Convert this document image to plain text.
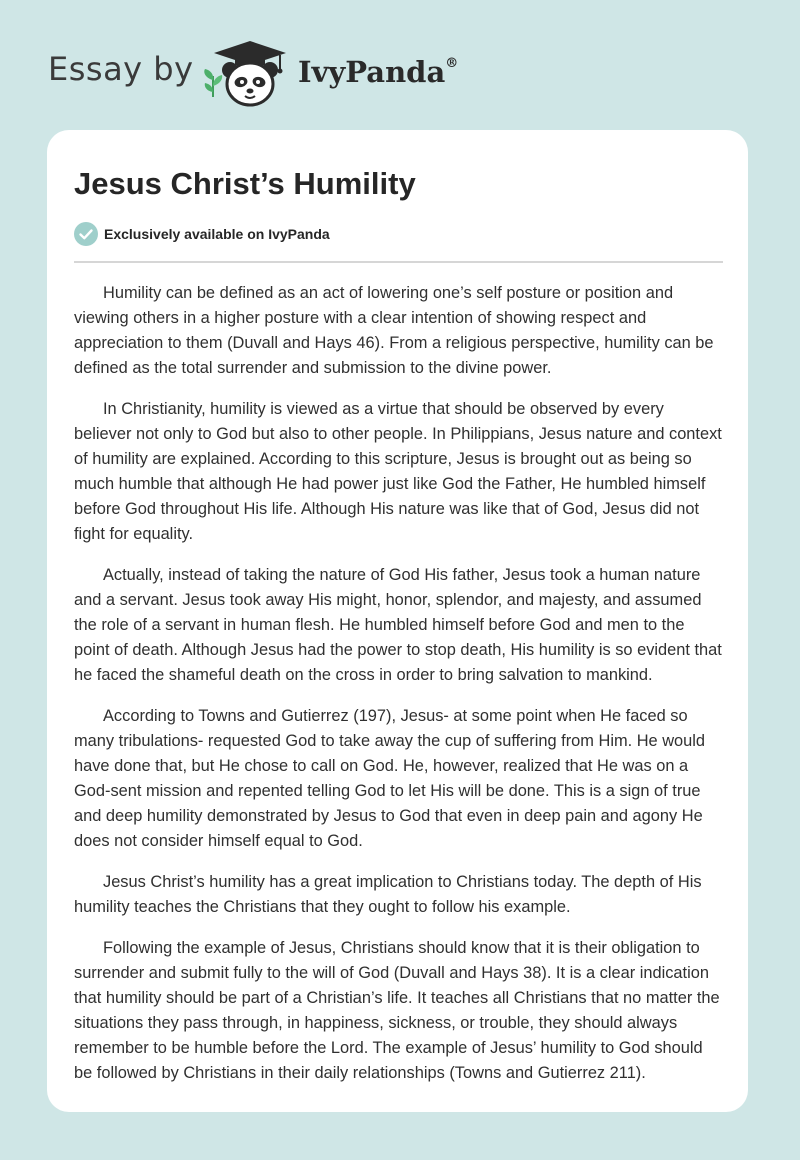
Essay by	IvyPanda®
Jesus Christ’s Humility
Exclusively available on IvyPanda

Humility can be defined as an act of lowering one’s self posture or position and viewing others in a higher posture with a clear intention of showing respect and appreciation to them (Duvall and Hays 46). From a religious perspective, humility can be defined as the total surrender and submission to the divine power.

In Christianity, humility is viewed as a virtue that should be observed by every believer not only to God but also to other people. In Philippians, Jesus nature and context of humility are explained. According to this scripture, Jesus is brought out as being so much humble that although He had power just like God the Father, He humbled himself before God throughout His life. Although His nature was like that of God, Jesus did not fight for equality.

Actually, instead of taking the nature of God His father, Jesus took a human nature and a servant. Jesus took away His might, honor, splendor, and majesty, and assumed the role of a servant in human flesh. He humbled himself before God and men to the point of death. Although Jesus had the power to stop death, His humility is so evident that he faced the shameful death on the cross in order to bring salvation to mankind.

According to Towns and Gutierrez (197), Jesus- at some point when He faced so many tribulations- requested God to take away the cup of suffering from Him. He would have done that, but He chose to call on God. He, however, realized that He was on a God-sent mission and repented telling God to let His will be done. This is a sign of true and deep humility demonstrated by Jesus to God that even in deep pain and agony He does not consider himself equal to God.

Jesus Christ’s humility has a great implication to Christians today. The depth of His humility teaches the Christians that they ought to follow his example.

Following the example of Jesus, Christians should know that it is their obligation to surrender and submit fully to the will of God (Duvall and Hays 38). It is a clear indication that humility should be part of a Christian’s life. It teaches all Christians that no matter the situations they pass through, in happiness, sickness, or trouble, they should always remember to be humble before the Lord. The example of Jesus’ humility to God should be followed by Christians in their daily relationships (Towns and Gutierrez 211).
